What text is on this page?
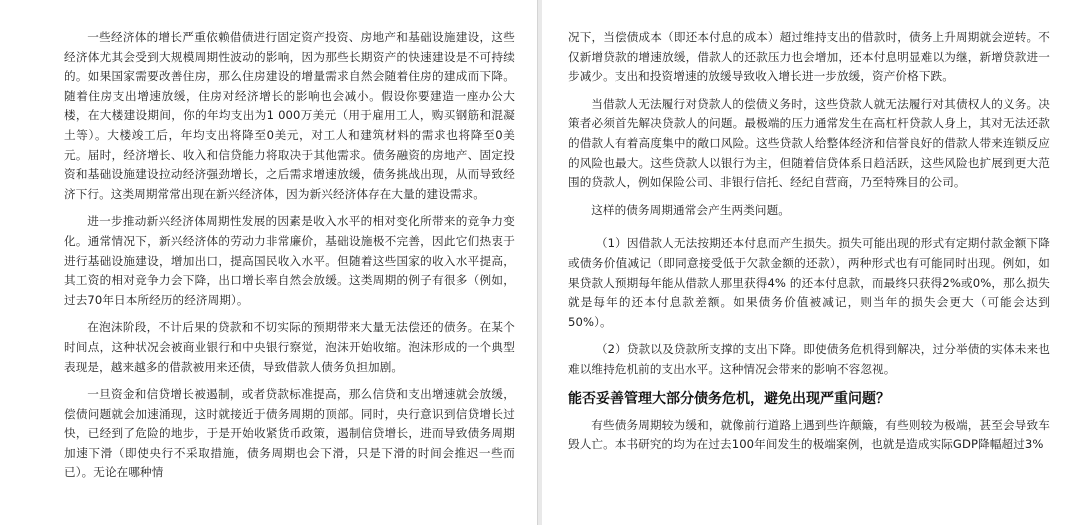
一些经济体的增长严重依赖借债进行固定资产投资、房地产和基础设施建设，这些经济体尤其会受到大规模周期性波动的影响，因为那些长期资产的快速建设是不可持续的。如果国家需要改善住房，那么住房建设的增量需求自然会随着住房的建成而下降。随着住房支出增速放缓，住房对经济增长的影响也会减小。假设你要建造一座办公大楼，在大楼建设期间，你的年均支出为1 000万美元（用于雇用工人，购买钢筋和混凝土等）。大楼竣工后，年均支出将降至0美元，对工人和建筑材料的需求也将降至0美元。届时，经济增长、收入和信贷能力将取决于其他需求。债务融资的房地产、固定投资和基础设施建设拉动经济强劲增长，之后需求增速放缓，债务挑战出现，从而导致经济下行。这类周期常常出现在新兴经济体，因为新兴经济体存在大量的建设需求。

进一步推动新兴经济体周期性发展的因素是收入水平的相对变化所带来的竞争力变化。通常情况下，新兴经济体的劳动力非常廉价，基础设施极不完善，因此它们热衷于进行基础设施建设，增加出口，提高国民收入水平。但随着这些国家的收入水平提高，其工资的相对竞争力会下降，出口增长率自然会放缓。这类周期的例子有很多（例如，过去70年日本所经历的经济周期）。

在泡沫阶段，不计后果的贷款和不切实际的预期带来大量无法偿还的债务。在某个时间点，这种状况会被商业银行和中央银行察觉，泡沫开始收缩。泡沫形成的一个典型表现是，越来越多的借款被用来还债，导致借款人债务负担加剧。

一旦资金和信贷增长被遏制，或者贷款标准提高，那么信贷和支出增速就会放缓，偿债问题就会加速涌现，这时就接近于债务周期的顶部。同时，央行意识到信贷增长过快，已经到了危险的地步，于是开始收紧货币政策，遏制信贷增长，进而导致债务周期加速下滑（即使央行不采取措施，债务周期也会下滑，只是下滑的时间会推迟一些而已）。无论在哪种情

况下，当偿债成本（即还本付息的成本）超过维持支出的借款时，债务上升周期就会逆转。不仅新增贷款的增速放缓，借款人的还款压力也会增加，还本付息明显难以为继，新增贷款进一步减少。支出和投资增速的放缓导致收入增长进一步放缓，资产价格下跌。

当借款人无法履行对贷款人的偿债义务时，这些贷款人就无法履行对其债权人的义务。决策者必须首先解决贷款人的问题。最极端的压力通常发生在高杠杆贷款人身上，其对无法还款的借款人有着高度集中的敞口风险。这些贷款人给整体经济和信誉良好的借款人带来连锁反应的风险也最大。这些贷款人以银行为主，但随着信贷体系日趋活跃，这些风险也扩展到更大范围的贷款人，例如保险公司、非银行信托、经纪自营商，乃至特殊目的公司。

这样的债务周期通常会产生两类问题。

（1）因借款人无法按期还本付息而产生损失。损失可能出现的形式有定期付款金额下降或债务价值减记（即同意接受低于欠款金额的还款），两种形式也有可能同时出现。例如，如果贷款人预期每年能从借款人那里获得4% 的还本付息款，而最终只获得2%或0%，那么损失就是每年的还本付息款差额。如果债务价值被减记，则当年的损失会更大（可能会达到50%）。

（2）贷款以及贷款所支撑的支出下降。即使债务危机得到解决，过分举债的实体未来也难以维持危机前的支出水平。这种情况会带来的影响不容忽视。

能否妥善管理大部分债务危机，避免出现严重问题？

有些债务周期较为缓和，就像前行道路上遇到些许颠簸，有些则较为极端，甚至会导致车毁人亡。本书研究的均为在过去100年间发生的极端案例，也就是造成实际GDP降幅超过3%
